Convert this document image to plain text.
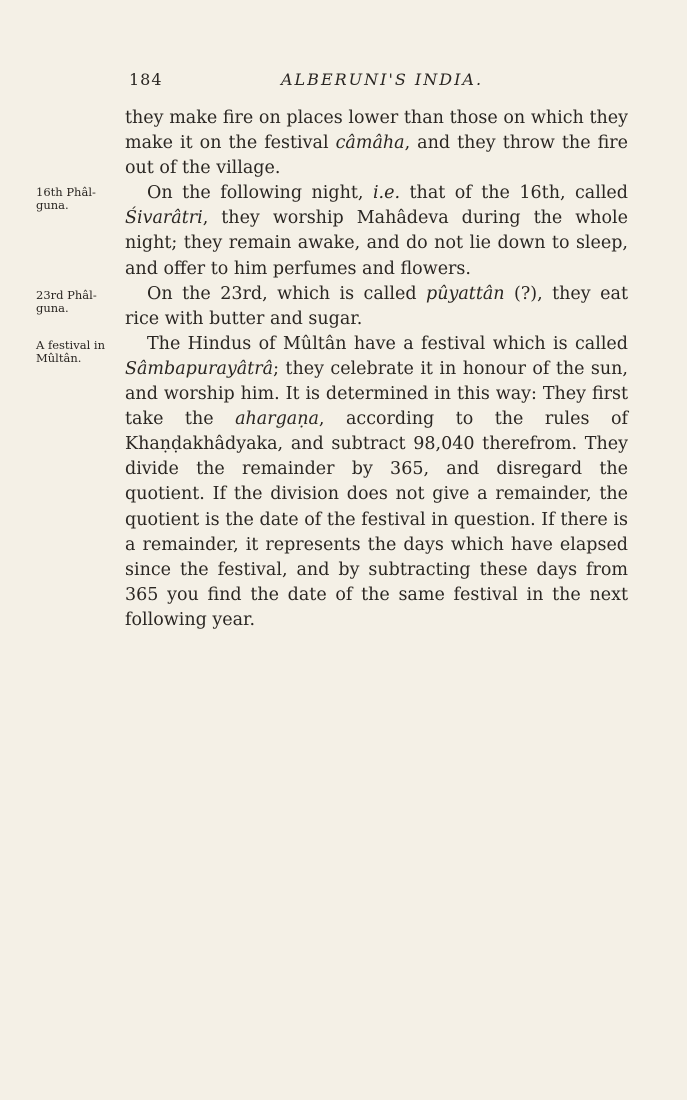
184	ALBERUNI'S INDIA.
16th Phâl-guna.
23rd Phâl-guna.
A festival in Mûltân.

they make fire on places lower than those on which they make it on the festival câmâha, and they throw the fire out of the village.

On the following night, i.e. that of the 16th, called Śivarâtri, they worship Mahâdeva during the whole night; they remain awake, and do not lie down to sleep, and offer to him perfumes and flowers.

On the 23rd, which is called pûyattân (?), they eat rice with butter and sugar.

The Hindus of Mûltân have a festival which is called Sâmbapurayâtrâ; they celebrate it in honour of the sun, and worship him. It is determined in this way: They first take the ahargaṇa, according to the rules of Khaṇḍakhâdyaka, and subtract 98,040 therefrom. They divide the remainder by 365, and disregard the quotient. If the division does not give a remainder, the quotient is the date of the festival in question. If there is a remainder, it represents the days which have elapsed since the festival, and by subtracting these days from 365 you find the date of the same festival in the next following year.
